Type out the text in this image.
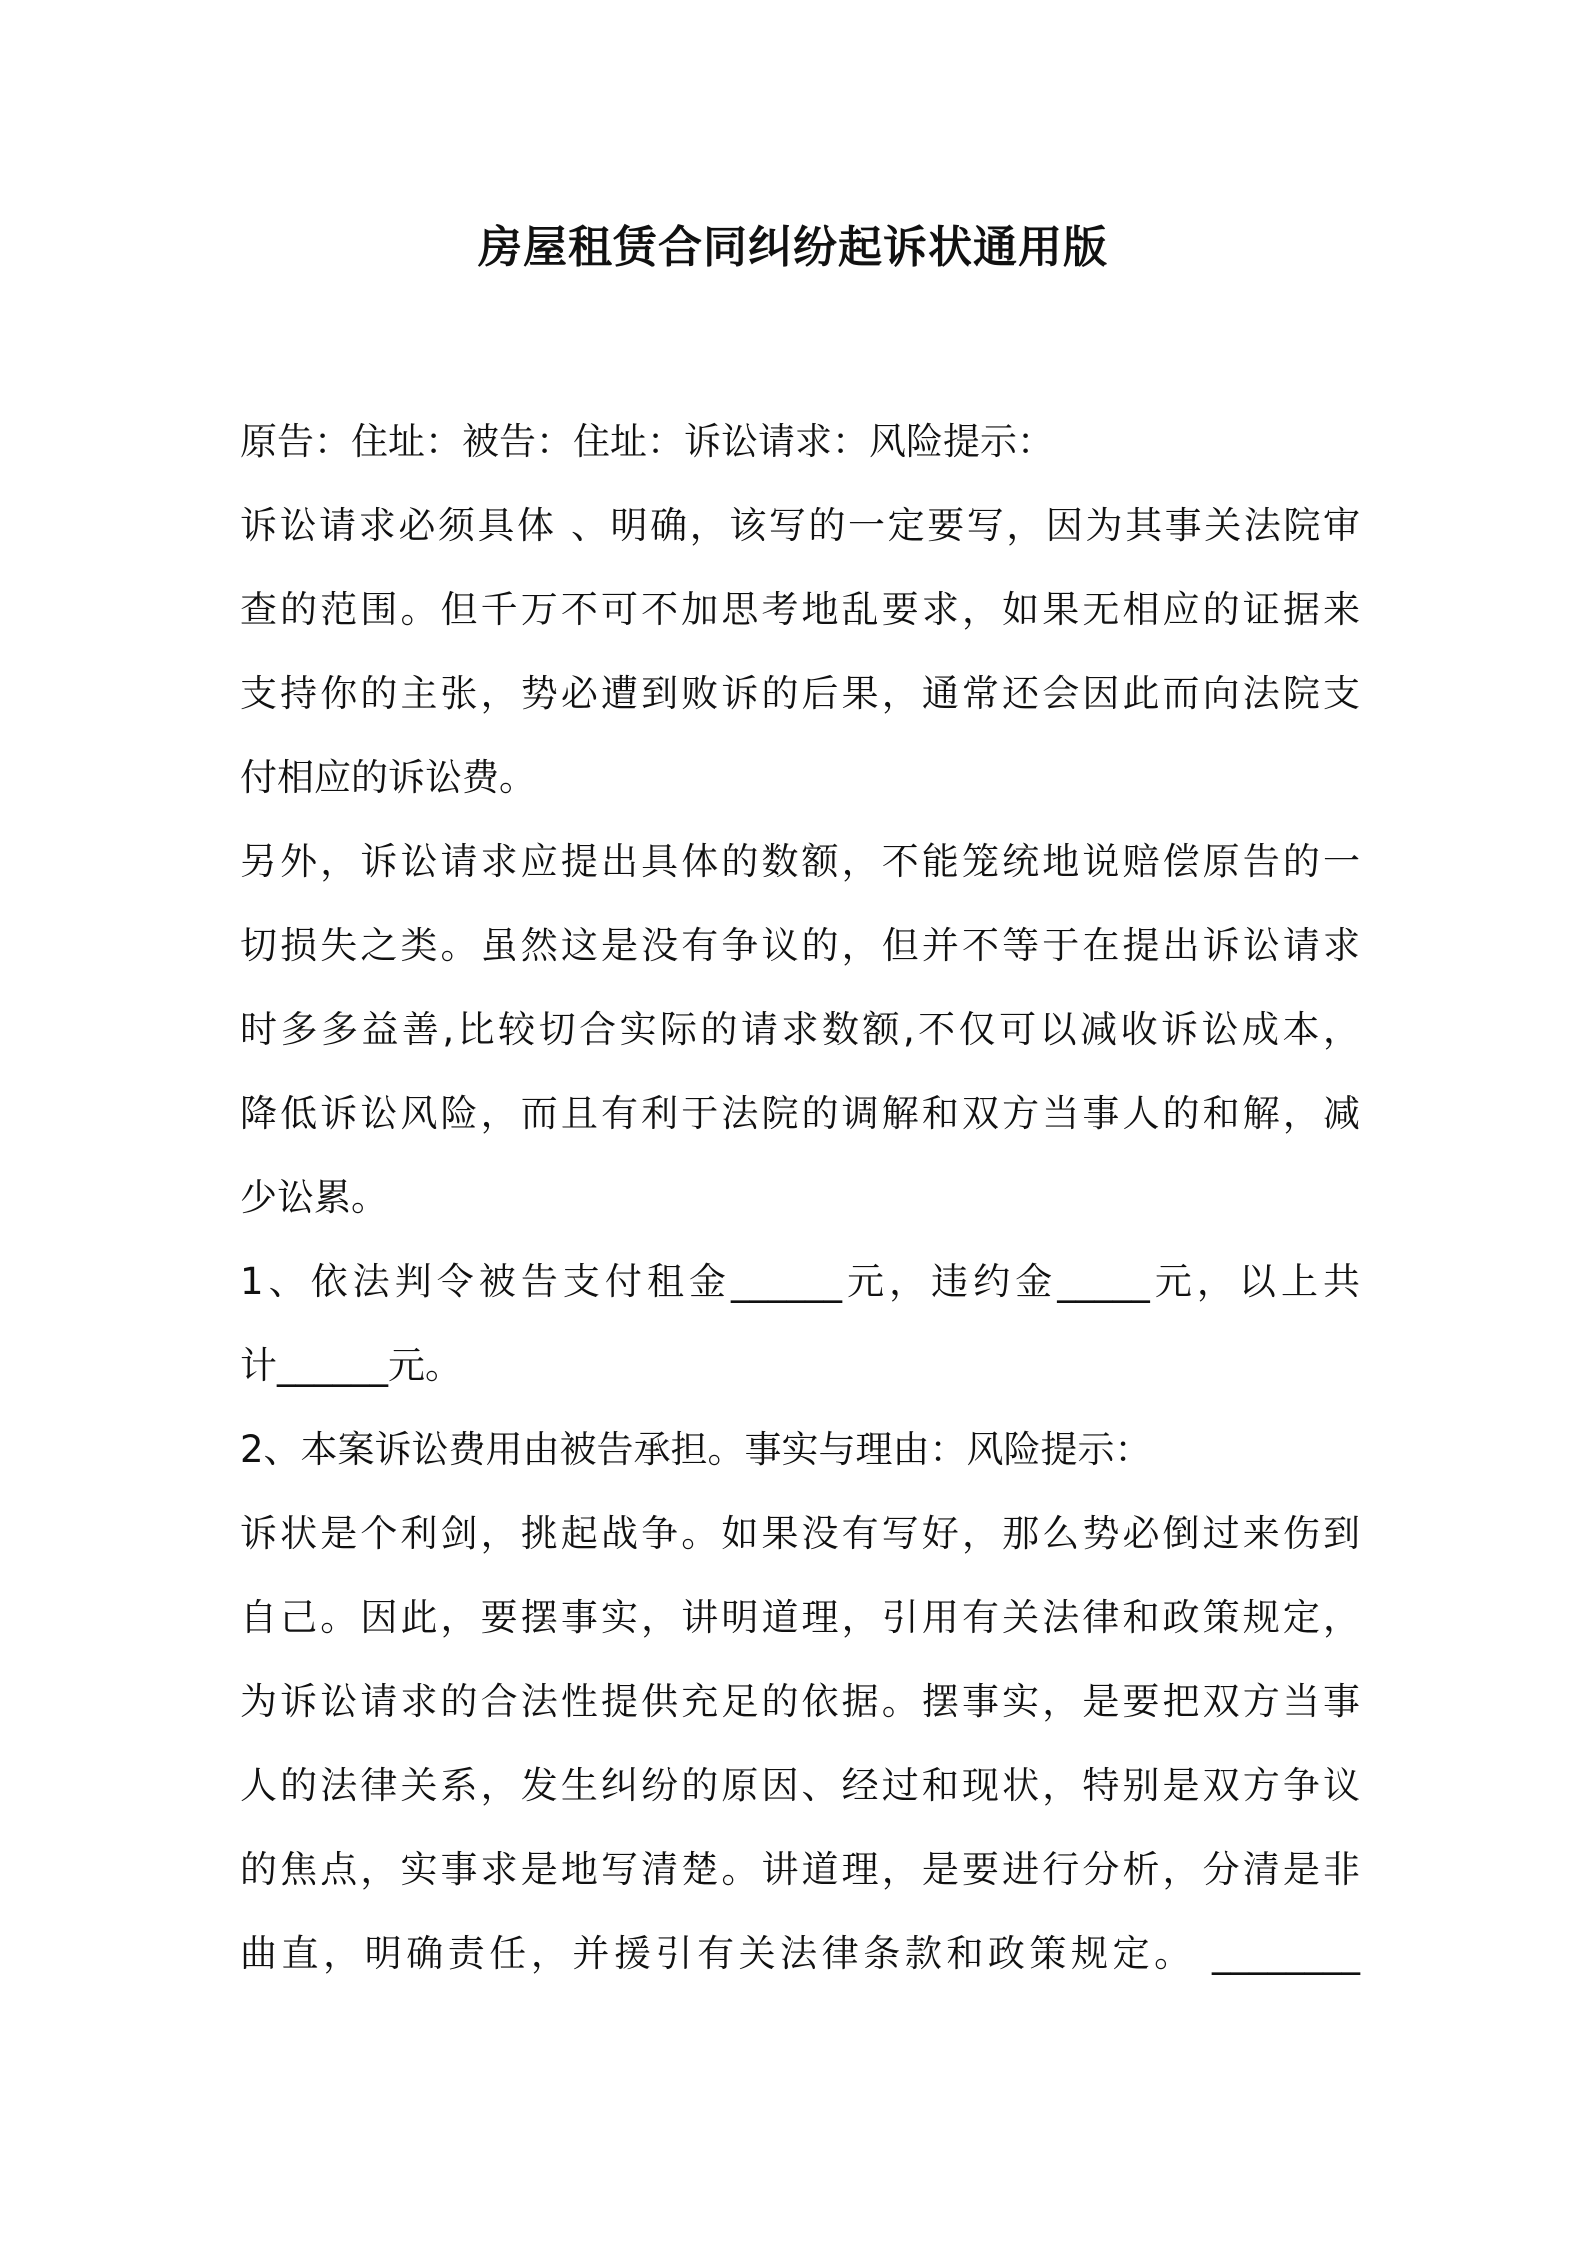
房屋租赁合同纠纷起诉状通用版
原告：住址：被告：住址：诉讼请求：风险提示：
诉讼请求必须具体 、明确，该写的一定要写，因为其事关法院审
查的范围。但千万不可不加思考地乱要求，如果无相应的证据来
支持你的主张，势必遭到败诉的后果，通常还会因此而向法院支
付相应的诉讼费。
另外，诉讼请求应提出具体的数额，不能笼统地说赔偿原告的一
切损失之类。虽然这是没有争议的，但并不等于在提出诉讼请求
时多多益善,比较切合实际的请求数额,不仅可以减收诉讼成本，
降低诉讼风险，而且有利于法院的调解和双方当事人的和解，减
少讼累。
1、依法判令被告支付租金______元，违约金_____元，以上共
计______元。
2、本案诉讼费用由被告承担。事实与理由：风险提示：
诉状是个利剑，挑起战争。如果没有写好，那么势必倒过来伤到
自己。因此，要摆事实，讲明道理，引用有关法律和政策规定，
为诉讼请求的合法性提供充足的依据。摆事实，是要把双方当事
人的法律关系，发生纠纷的原因、经过和现状，特别是双方争议
的焦点，实事求是地写清楚。讲道理，是要进行分析，分清是非
曲直，明确责任，并援引有关法律条款和政策规定。 ________
